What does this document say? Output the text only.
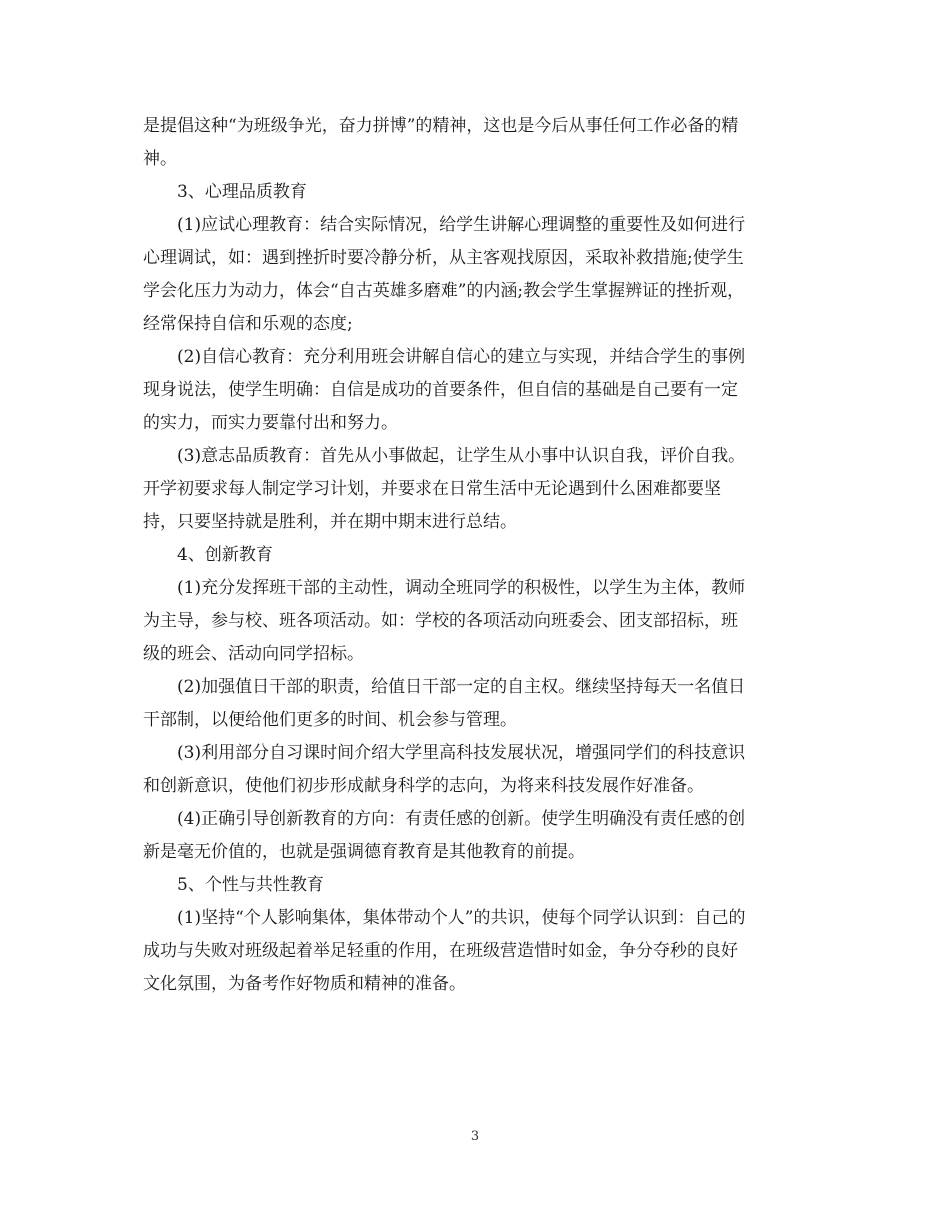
是提倡这种“为班级争光，奋力拼博”的精神，这也是今后从事任何工作必备的精
神。
3、心理品质教育
(1)应试心理教育：结合实际情况，给学生讲解心理调整的重要性及如何进行
心理调试，如：遇到挫折时要冷静分析，从主客观找原因，采取补救措施;使学生
学会化压力为动力，体会“自古英雄多磨难”的内涵;教会学生掌握辨证的挫折观，
经常保持自信和乐观的态度;
(2)自信心教育：充分利用班会讲解自信心的建立与实现，并结合学生的事例
现身说法，使学生明确：自信是成功的首要条件，但自信的基础是自己要有一定
的实力，而实力要靠付出和努力。
(3)意志品质教育：首先从小事做起，让学生从小事中认识自我，评价自我。
开学初要求每人制定学习计划，并要求在日常生活中无论遇到什么困难都要坚
持，只要坚持就是胜利，并在期中期末进行总结。
4、创新教育
(1)充分发挥班干部的主动性，调动全班同学的积极性，以学生为主体，教师
为主导，参与校、班各项活动。如：学校的各项活动向班委会、团支部招标，班
级的班会、活动向同学招标。
(2)加强值日干部的职责，给值日干部一定的自主权。继续坚持每天一名值日
干部制，以便给他们更多的时间、机会参与管理。
(3)利用部分自习课时间介绍大学里高科技发展状况，增强同学们的科技意识
和创新意识，使他们初步形成献身科学的志向，为将来科技发展作好准备。
(4)正确引导创新教育的方向：有责任感的创新。使学生明确没有责任感的创
新是毫无价值的，也就是强调德育教育是其他教育的前提。
5、个性与共性教育
(1)坚持“个人影响集体，集体带动个人”的共识，使每个同学认识到：自己的
成功与失败对班级起着举足轻重的作用，在班级营造惜时如金，争分夺秒的良好
文化氛围，为备考作好物质和精神的准备。
3
